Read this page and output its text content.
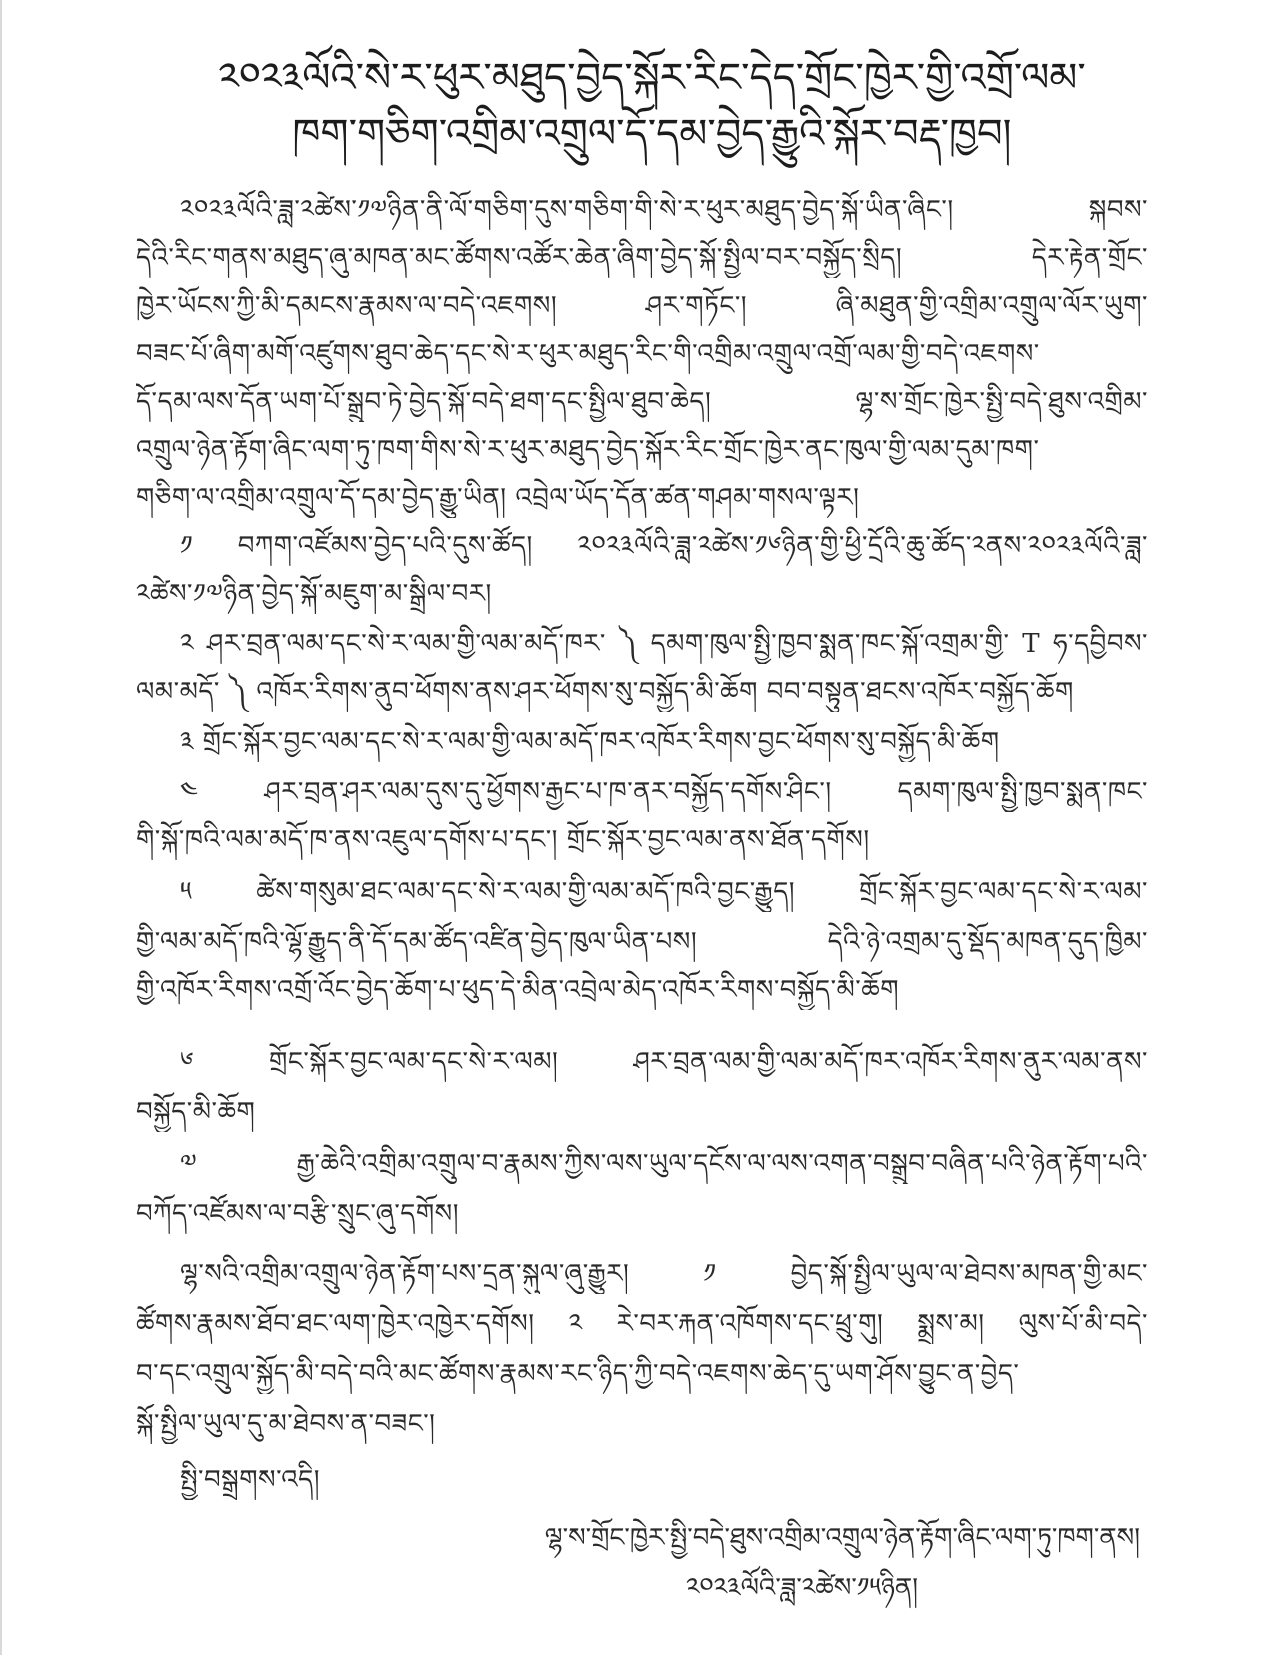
༢༠༢༣ལོའི་སེ་ར་ཕུར་མཐུད་བྱེད་སྐོར་རིང་དེད་གྲོང་ཁྱེར་གྱི་འགྲོ་ལམ་
ཁག་གཅིག་འགྲིམ་འགྲུལ་དོ་དམ་བྱེད་རྒྱུའི་སྐོར་བརྡ་ཁྱབ།
༢༠༢༣ལོའི་ཟླ་༢ཚེས་༡༧ཉིན་ནི་ལོ་གཅིག་དུས་གཅིག་གི་སེ་ར་ཕུར་མཐུད་བྱེད་སྐོ་ཡིན་ཞིང་། སྐབས་
དེའི་རིང་གནས་མཐུད་ཞུ་མཁན་མང་ཚོགས་འཚོར་ཆེན་ཞིག་བྱེད་སྐོ་སྤྱིལ་བར་བསྐྱོད་སྲིད། དེར་རྟེན་གྲོང་
ཁྱེར་ཡོངས་ཀྱི་མི་དམངས་རྣམས་ལ་བདེ་འཇགས། ཤར་གཏོང་། ཞི་མཐུན་གྱི་འགྲིམ་འགྲུལ་ལོར་ཡུག་
བཟང་པོ་ཞིག་མགོ་འཛུགས་ཐུབ་ཆེད་དང་སེ་ར་ཕུར་མཐུད་རིང་གི་འགྲིམ་འགྲུལ་འགྲོ་ལམ་གྱི་བདེ་འཇགས་
དོ་དམ་ལས་དོན་ཡག་པོ་སྒྲུབ་ཏེ་བྱེད་སྐོ་བདེ་ཐག་དང་སྤྱིལ་ཐུབ་ཆེད། ལྷ་ས་གྲོང་ཁྱེར་སྤྱི་བདེ་ཐུས་འགྲིམ་
འགྲུལ་ཉེན་རྟོག་ཞིང་ལག་ཏུ་ཁག་གིས་སེ་ར་ཕུར་མཐུད་བྱེད་སྐོར་རིང་གྲོང་ཁྱེར་ནང་ཁུལ་གྱི་ལམ་དུམ་ཁག་
གཅིག་ལ་འགྲིམ་འགྲུལ་དོ་དམ་བྱེད་རྒྱུ་ཡིན། འབྲེལ་ཡོད་དོན་ཚན་གཤམ་གསལ་ལྟར།
༡ བཀག་འཛོམས་བྱེད་པའི་དུས་ཚོད། ༢༠༢༣ལོའི་ཟླ་༢ཚེས་༡༦ཉིན་གྱི་ཕྱི་དྲོའི་ཆུ་ཚོད་༢ནས་༢༠༢༣ལོའི་ཟླ་
༢ཚེས་༡༧ཉིན་བྱེད་སྐོ་མཇུག་མ་སྒྲིལ་བར།
༢ ཤར་བྲན་ལམ་དང་སེ་ར་ལམ་གྱི་ལམ་མདོ་ཁར་ ༽ དམག་ཁུལ་སྤྱི་ཁྱབ་སྨན་ཁང་སྐོ་འགྲམ་གྱི་ T ཧ་དབྱིབས་
ལམ་མདོ་ ༽ འཁོར་རིགས་ནུབ་ཕོགས་ནས་ཤར་ཕོགས་སུ་བསྐྱོད་མི་ཆོག བབ་བསྟུན་ཐངས་འཁོར་བསྐྱོད་ཆོག
༣ གྲོང་སྐོར་བྱང་ལམ་དང་སེ་ར་ལམ་གྱི་ལམ་མདོ་ཁར་འཁོར་རིགས་བྱང་ཕོགས་སུ་བསྐྱོད་མི་ཆོག
༤ ཤར་བྲན་ཤར་ལམ་དུས་དུ་ཕྱོགས་རྒྱང་པ་ཁ་ནར་བསྐྱོད་དགོས་ཤིང་། དམག་ཁུལ་སྤྱི་ཁྱབ་སྨན་ཁང་
གི་སྐོ་ཁའི་ལམ་མདོ་ཁ་ནས་འཇུལ་དགོས་པ་དང་། གྲོང་སྐོར་བྱང་ལམ་ནས་ཐོན་དགོས།
༥ ཚེས་གསུམ་ཐང་ལམ་དང་སེ་ར་ལམ་གྱི་ལམ་མདོ་ཁའི་བྱང་རྒྱུད། གྲོང་སྐོར་བྱང་ལམ་དང་སེ་ར་ལམ་
གྱི་ལམ་མདོ་ཁའི་ལྷོ་རྒྱུད་ནི་དོ་དམ་ཚོད་འཛིན་བྱེད་ཁུལ་ཡིན་པས། དེའི་ཉེ་འགྲམ་དུ་སྡོད་མཁན་དུད་ཁྱིམ་
གྱི་འཁོར་རིགས་འགྲོ་འོང་བྱེད་ཆོག་པ་ཕུད་དེ་མིན་འབྲེལ་མེད་འཁོར་རིགས་བསྐྱོད་མི་ཆོག
༦ གྲོང་སྐོར་བྱང་ལམ་དང་སེ་ར་ལམ། ཤར་བྲན་ལམ་གྱི་ལམ་མདོ་ཁར་འཁོར་རིགས་ནུར་ལམ་ནས་
བསྐྱོད་མི་ཆོག
༧ རྒྱ་ཆེའི་འགྲིམ་འགྲུལ་བ་རྣམས་ཀྱིས་ལས་ཡུལ་དངོས་ལ་ལས་འགན་བསྒྲུབ་བཞིན་པའི་ཉེན་རྟོག་པའི་
བཀོད་འཛོམས་ལ་བརྩི་སྲུང་ཞུ་དགོས།
ལྷ་སའི་འགྲིམ་འགྲུལ་ཉེན་རྟོག་པས་དྲན་སྐུལ་ཞུ་རྒྱུར། ༡ བྱེད་སྐོ་སྤྱིལ་ཡུལ་ལ་ཐེབས་མཁན་གྱི་མང་
ཚོགས་རྣམས་ཐོབ་ཐང་ལག་ཁྱེར་འཁྱེར་དགོས། ༢ རེ་བར་རྐན་འཁོགས་དང་ཕྲུ་གུ། སྨྲས་མ། ལུས་པོ་མི་བདེ་
བ་དང་འགྲུལ་སྐྱོད་མི་བདེ་བའི་མང་ཚོགས་རྣམས་རང་ཉིད་ཀྱི་བདེ་འཇགས་ཆེད་དུ་ཡག་ཤོས་བྱུང་ན་བྱེད་
སྐོ་སྤྱིལ་ཡུལ་དུ་མ་ཐེབས་ན་བཟང་།
སྤྱི་བསྒྲགས་འདི།
ལྷ་ས་གྲོང་ཁྱེར་སྤྱི་བདེ་ཐུས་འགྲིམ་འགྲུལ་ཉེན་རྟོག་ཞིང་ལག་ཏུ་ཁག་ནས།
༢༠༢༣ལོའི་ཟླ་༢ཚེས་༡༥ཉིན།
